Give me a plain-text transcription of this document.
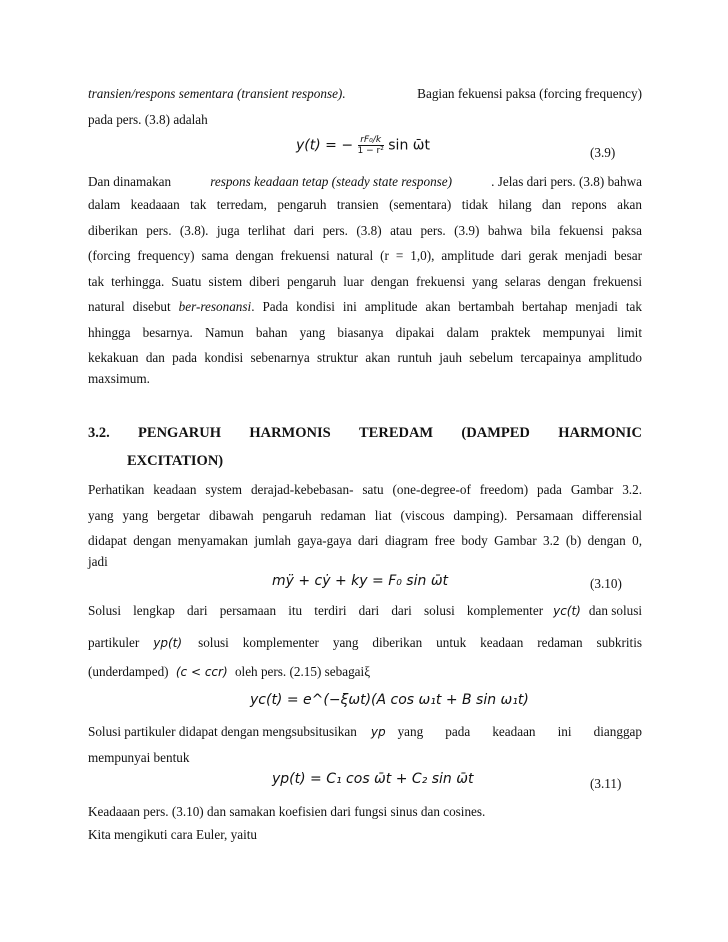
transien/respons sementara (transient response).	Bagian fekuensi paksa (forcing frequency)
pada pers. (3.8) adalah
y(t) = − $\frac{\text{rF₀/k}}{\text{1 − r²}}$ sin ω̄t	(3.9)
Dan dinamakan	respons keadaan tetap (steady state response)	. Jelas dari pers. (3.8) bahwa
dalam keadaaan tak terredam, pengaruh transien (sementara) tidak hilang dan repons akan
diberikan pers. (3.8). juga terlihat dari pers. (3.8) atau pers. (3.9) bahwa bila fekuensi paksa
(forcing frequency) sama dengan frekuensi natural (r = 1,0), amplitude dari gerak menjadi besar
tak terhingga. Suatu sistem diberi pengaruh luar dengan frekuensi yang selaras dengan frekuensi
natural disebut ber-resonansi. Pada kondisi ini amplitude akan bertambah bertahap menjadi tak
hhingga besarnya. Namun bahan yang biasanya dipakai dalam praktek mempunyai limit
kekakuan dan pada kondisi sebenarnya struktur akan runtuh jauh sebelum tercapainya amplitudo
maxsimum.
3.2. PENGARUH HARMONIS TEREDAM (DAMPED HARMONIC
EXCITATION)
Perhatikan keadaan system derajad-kebebasan- satu (one-degree-of freedom) pada Gambar 3.2.
yang yang bergetar dibawah pengaruh redaman liat (viscous damping). Persamaan differensial
didapat dengan menyamakan jumlah gaya-gaya dari diagram free body Gambar 3.2 (b) dengan 0,
jadi
mÿ + cẏ + ky = F₀ sin ω̄t	(3.10)
Solusi lengkap dari persamaan itu terdiri dari dari solusi komplementer yc(t) dan solusi
partikuler yp(t) solusi komplementer yang diberikan untuk keadaan redaman subkritis
(underdamped) (c < ccr) oleh pers. (2.15) sebagaiξ
yc(t) = e^(−ξωt)(A cos ω₁t + B sin ω₁t)
Solusi partikuler didapat dengan mengsubsitusikan yp yang pada keadaan ini dianggap
mempunyai bentuk
yp(t) = C₁ cos ω̄t + C₂ sin ω̄t	(3.11)
Keadaaan pers. (3.10) dan samakan koefisien dari fungsi sinus dan cosines.
Kita mengikuti cara Euler, yaitu
